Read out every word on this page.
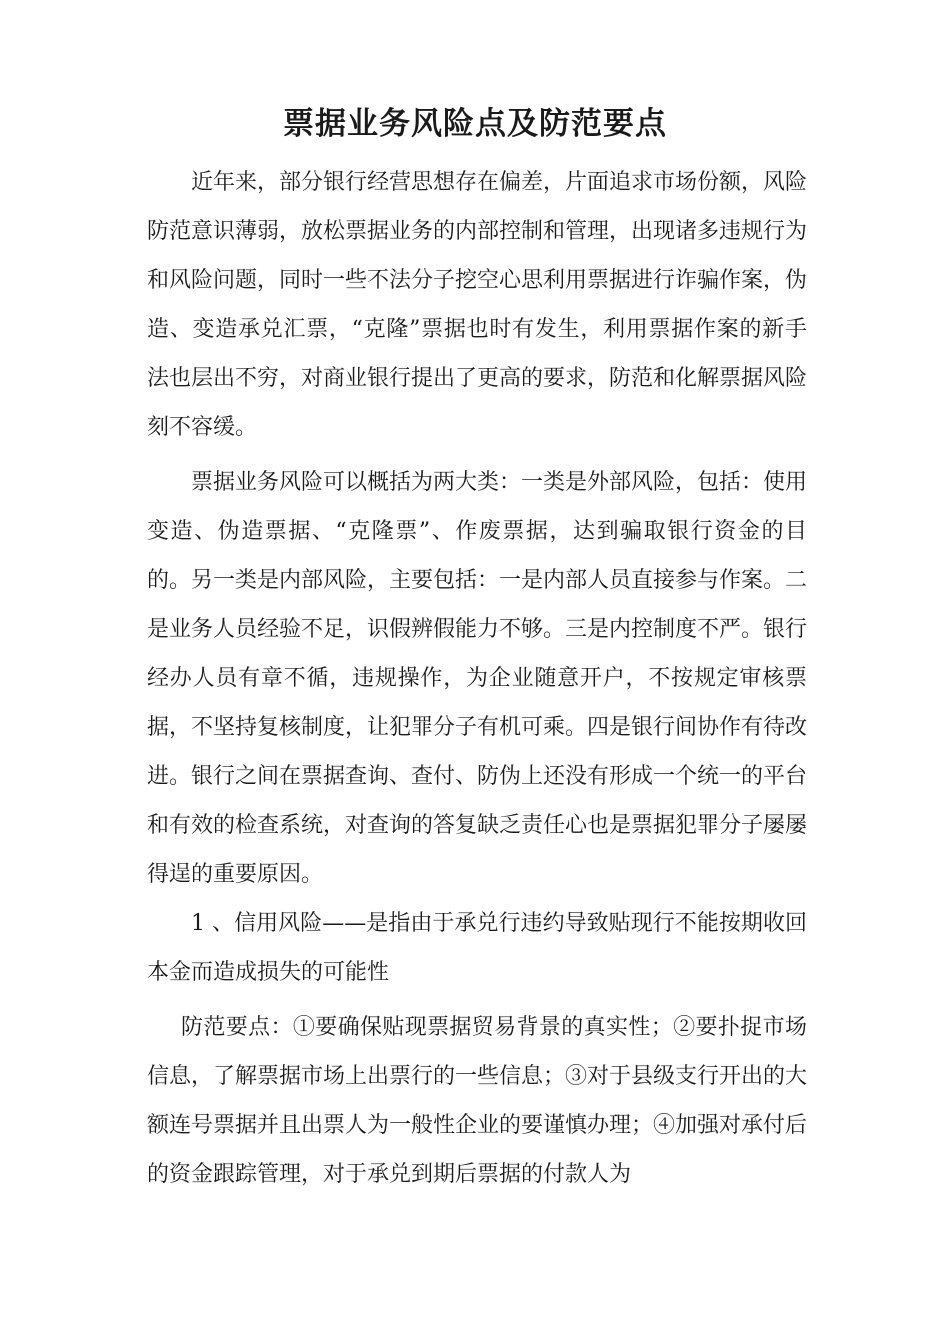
票据业务风险点及防范要点

近年来，部分银行经营思想存在偏差，片面追求市场份额，风险防范意识薄弱，放松票据业务的内部控制和管理，出现诸多违规行为和风险问题，同时一些不法分子挖空心思利用票据进行诈骗作案，伪造、变造承兑汇票，“克隆”票据也时有发生，利用票据作案的新手法也层出不穷，对商业银行提出了更高的要求，防范和化解票据风险刻不容缓。

票据业务风险可以概括为两大类：一类是外部风险，包括：使用变造、伪造票据、“克隆票”、作废票据，达到骗取银行资金的目的。另一类是内部风险，主要包括：一是内部人员直接参与作案。二是业务人员经验不足，识假辨假能力不够。三是内控制度不严。银行经办人员有章不循，违规操作，为企业随意开户，不按规定审核票据，不坚持复核制度，让犯罪分子有机可乘。四是银行间协作有待改进。银行之间在票据查询、查付、防伪上还没有形成一个统一的平台和有效的检查系统，对查询的答复缺乏责任心也是票据犯罪分子屡屡得逞的重要原因。

1 、信用风险——是指由于承兑行违约导致贴现行不能按期收回本金而造成损失的可能性

防范要点：①要确保贴现票据贸易背景的真实性；②要扑捉市场信息，了解票据市场上出票行的一些信息；③对于县级支行开出的大额连号票据并且出票人为一般性企业的要谨慎办理；④加强对承付后的资金跟踪管理，对于承兑到期后票据的付款人为
